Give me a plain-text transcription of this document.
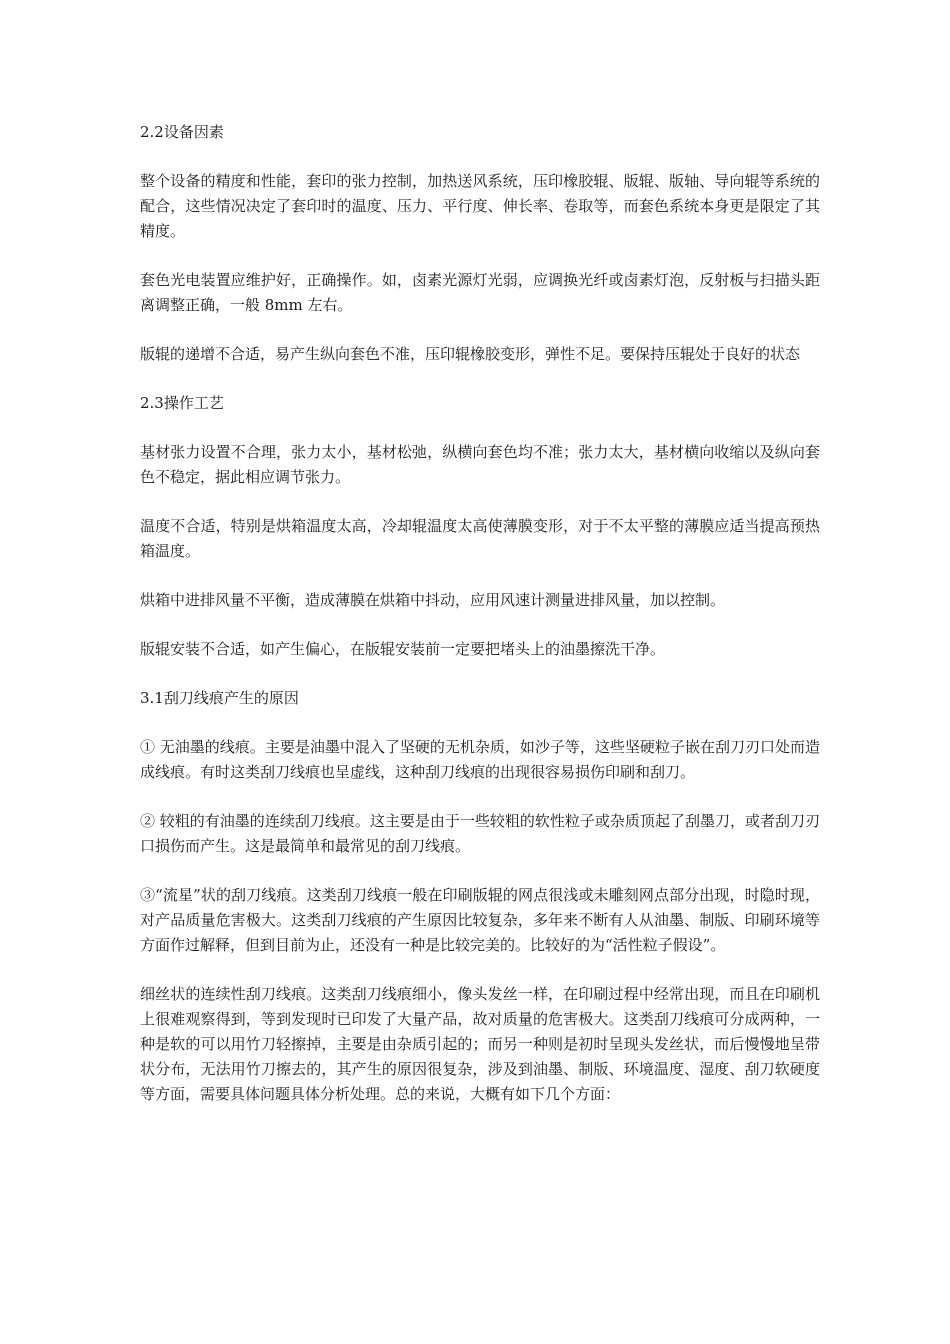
2.2设备因素

整个设备的精度和性能，套印的张力控制，加热送风系统，压印橡胶辊、版辊、版轴、导向辊等系统的配合，这些情况决定了套印时的温度、压力、平行度、伸长率、卷取等，而套色系统本身更是限定了其精度。

套色光电装置应维护好，正确操作。如，卤素光源灯光弱，应调换光纤或卤素灯泡，反射板与扫描头距离调整正确，一般 8mm 左右。

版辊的递增不合适，易产生纵向套色不准，压印辊橡胶变形，弹性不足。要保持压辊处于良好的状态

2.3操作工艺

基材张力设置不合理，张力太小，基材松弛，纵横向套色均不准；张力太大，基材横向收缩以及纵向套色不稳定，据此相应调节张力。

温度不合适，特别是烘箱温度太高，冷却辊温度太高使薄膜变形，对于不太平整的薄膜应适当提高预热箱温度。

烘箱中进排风量不平衡，造成薄膜在烘箱中抖动，应用风速计测量进排风量，加以控制。

版辊安装不合适，如产生偏心，在版辊安装前一定要把堵头上的油墨擦洗干净。

3.1刮刀线痕产生的原因

① 无油墨的线痕。主要是油墨中混入了坚硬的无机杂质，如沙子等，这些坚硬粒子嵌在刮刀刃口处而造成线痕。有时这类刮刀线痕也呈虚线，这种刮刀线痕的出现很容易损伤印刷和刮刀。

② 较粗的有油墨的连续刮刀线痕。这主要是由于一些较粗的软性粒子或杂质顶起了刮墨刀，或者刮刀刃口损伤而产生。这是最简单和最常见的刮刀线痕。

③“流星”状的刮刀线痕。这类刮刀线痕一般在印刷版辊的网点很浅或未雕刻网点部分出现，时隐时现，对产品质量危害极大。这类刮刀线痕的产生原因比较复杂，多年来不断有人从油墨、制版、印刷环境等方面作过解释，但到目前为止，还没有一种是比较完美的。比较好的为“活性粒子假设”。

细丝状的连续性刮刀线痕。这类刮刀线痕细小，像头发丝一样，在印刷过程中经常出现，而且在印刷机上很难观察得到，等到发现时已印发了大量产品，故对质量的危害极大。这类刮刀线痕可分成两种，一种是软的可以用竹刀轻擦掉，主要是由杂质引起的；而另一种则是初时呈现头发丝状，而后慢慢地呈带状分布，无法用竹刀擦去的，其产生的原因很复杂，涉及到油墨、制版、环境温度、湿度、刮刀软硬度等方面，需要具体问题具体分析处理。总的来说，大概有如下几个方面：
